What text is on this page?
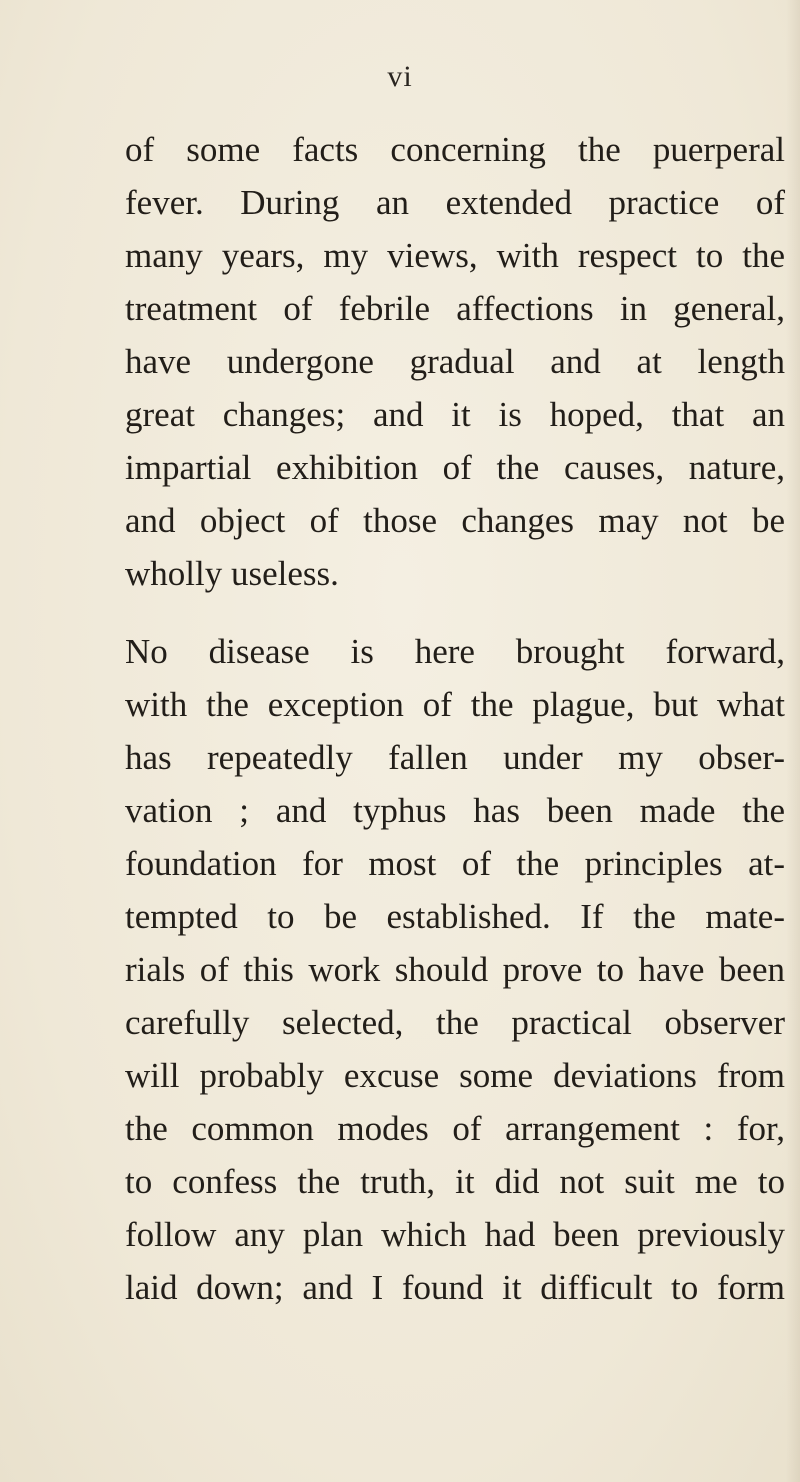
vi
of some facts concerning the puerperal
fever. During an extended practice of
many years, my views, with respect to the
treatment of febrile affections in general,
have undergone gradual and at length
great changes; and it is hoped, that an
impartial exhibition of the causes, nature,
and object of those changes may not be
wholly useless.
No disease is here brought forward,
with the exception of the plague, but what
has repeatedly fallen under my obser-
vation ; and typhus has been made the
foundation for most of the principles at-
tempted to be established. If the mate-
rials of this work should prove to have been
carefully selected, the practical observer
will probably excuse some deviations from
the common modes of arrangement : for,
to confess the truth, it did not suit me to
follow any plan which had been previously
laid down; and I found it difficult to form
